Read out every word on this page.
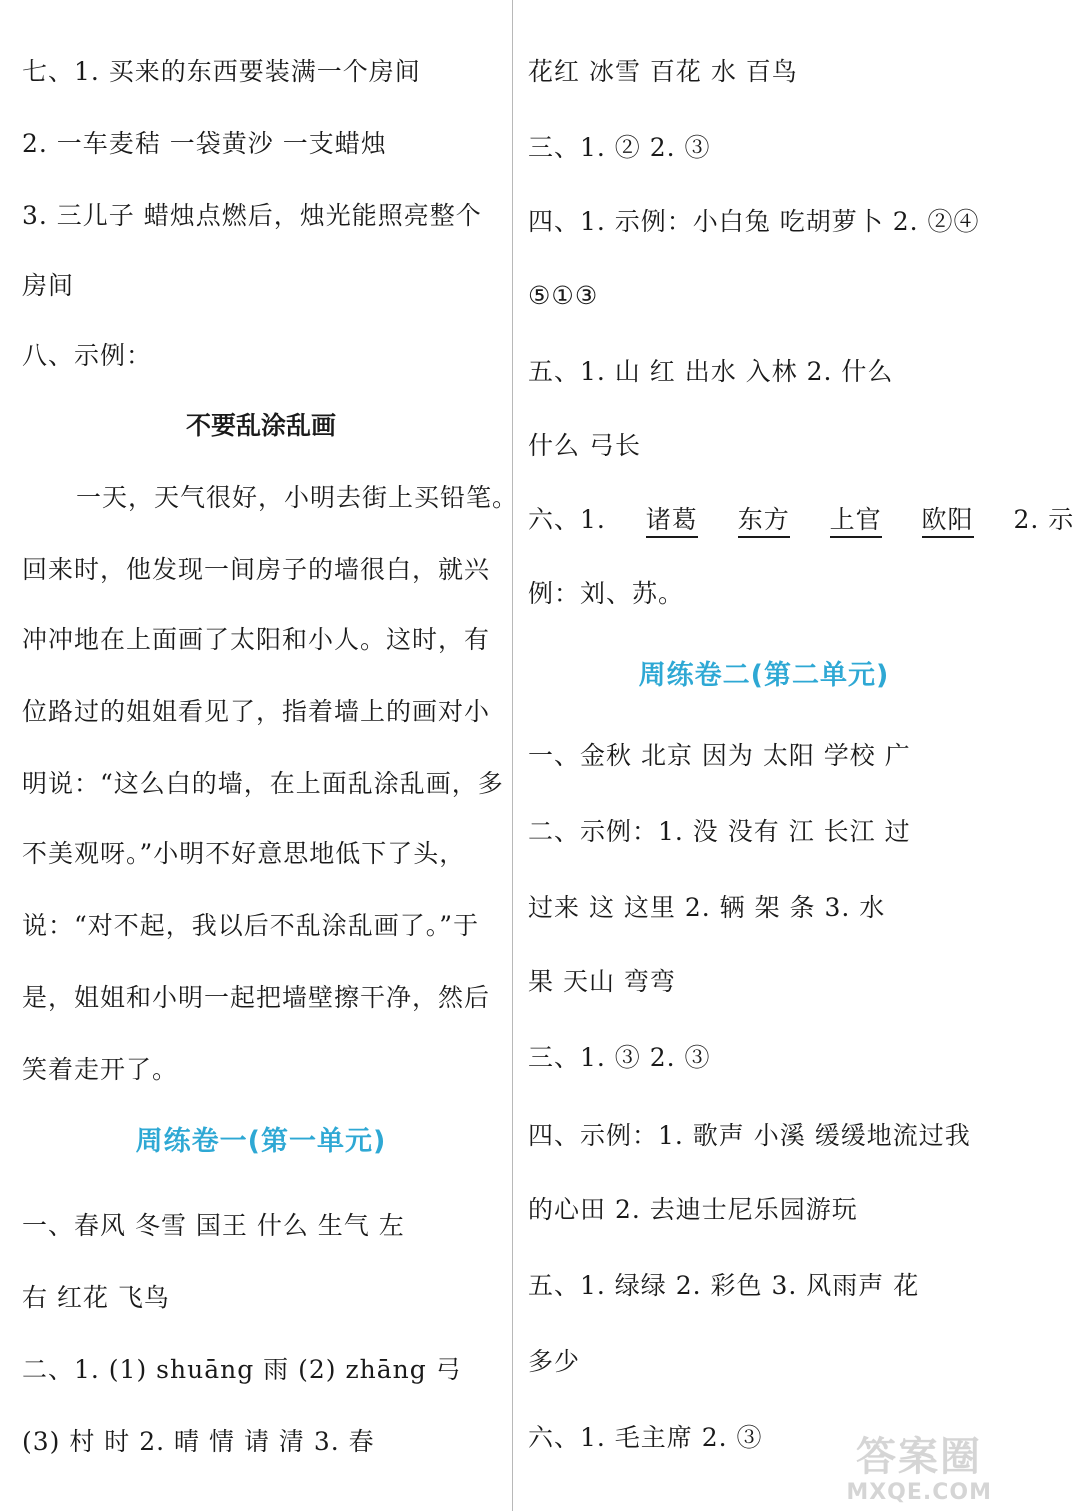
七、1. 买来的东西要装满一个房间
2. 一车麦秸 一袋黄沙 一支蜡烛
3. 三儿子 蜡烛点燃后，烛光能照亮整个
房间
八、示例：
不要乱涂乱画
一天，天气很好，小明去街上买铅笔。
回来时，他发现一间房子的墙很白，就兴
冲冲地在上面画了太阳和小人。这时，有
位路过的姐姐看见了，指着墙上的画对小
明说：“这么白的墙，在上面乱涂乱画，多
不美观呀。”小明不好意思地低下了头，
说：“对不起，我以后不乱涂乱画了。”于
是，姐姐和小明一起把墙壁擦干净，然后
笑着走开了。
周练卷一(第一单元)
一、春风 冬雪 国王 什么 生气 左
右 红花 飞鸟
二、1. (1) shuāng 雨 (2) zhāng 弓
(3) 村 时 2. 晴 情 请 清 3. 春
花红 冰雪 百花 水 百鸟
三、1. ② 2. ③
四、1. 示例：小白兔 吃胡萝卜 2. ②④
⑤①③
五、1. 山 红 出水 入林 2. 什么
什么 弓长
六、1. 诸葛 东方 上官 欧阳 2. 示
例：刘、苏。
周练卷二(第二单元)
一、金秋 北京 因为 太阳 学校 广
二、示例：1. 没 没有 江 长江 过
过来 这 这里 2. 辆 架 条 3. 水
果 天山 弯弯
三、1. ③ 2. ③
四、示例：1. 歌声 小溪 缓缓地流过我
的心田 2. 去迪士尼乐园游玩
五、1. 绿绿 2. 彩色 3. 风雨声 花
多少
六、1. 毛主席 2. ③ 答案圈
MXQE.COM
